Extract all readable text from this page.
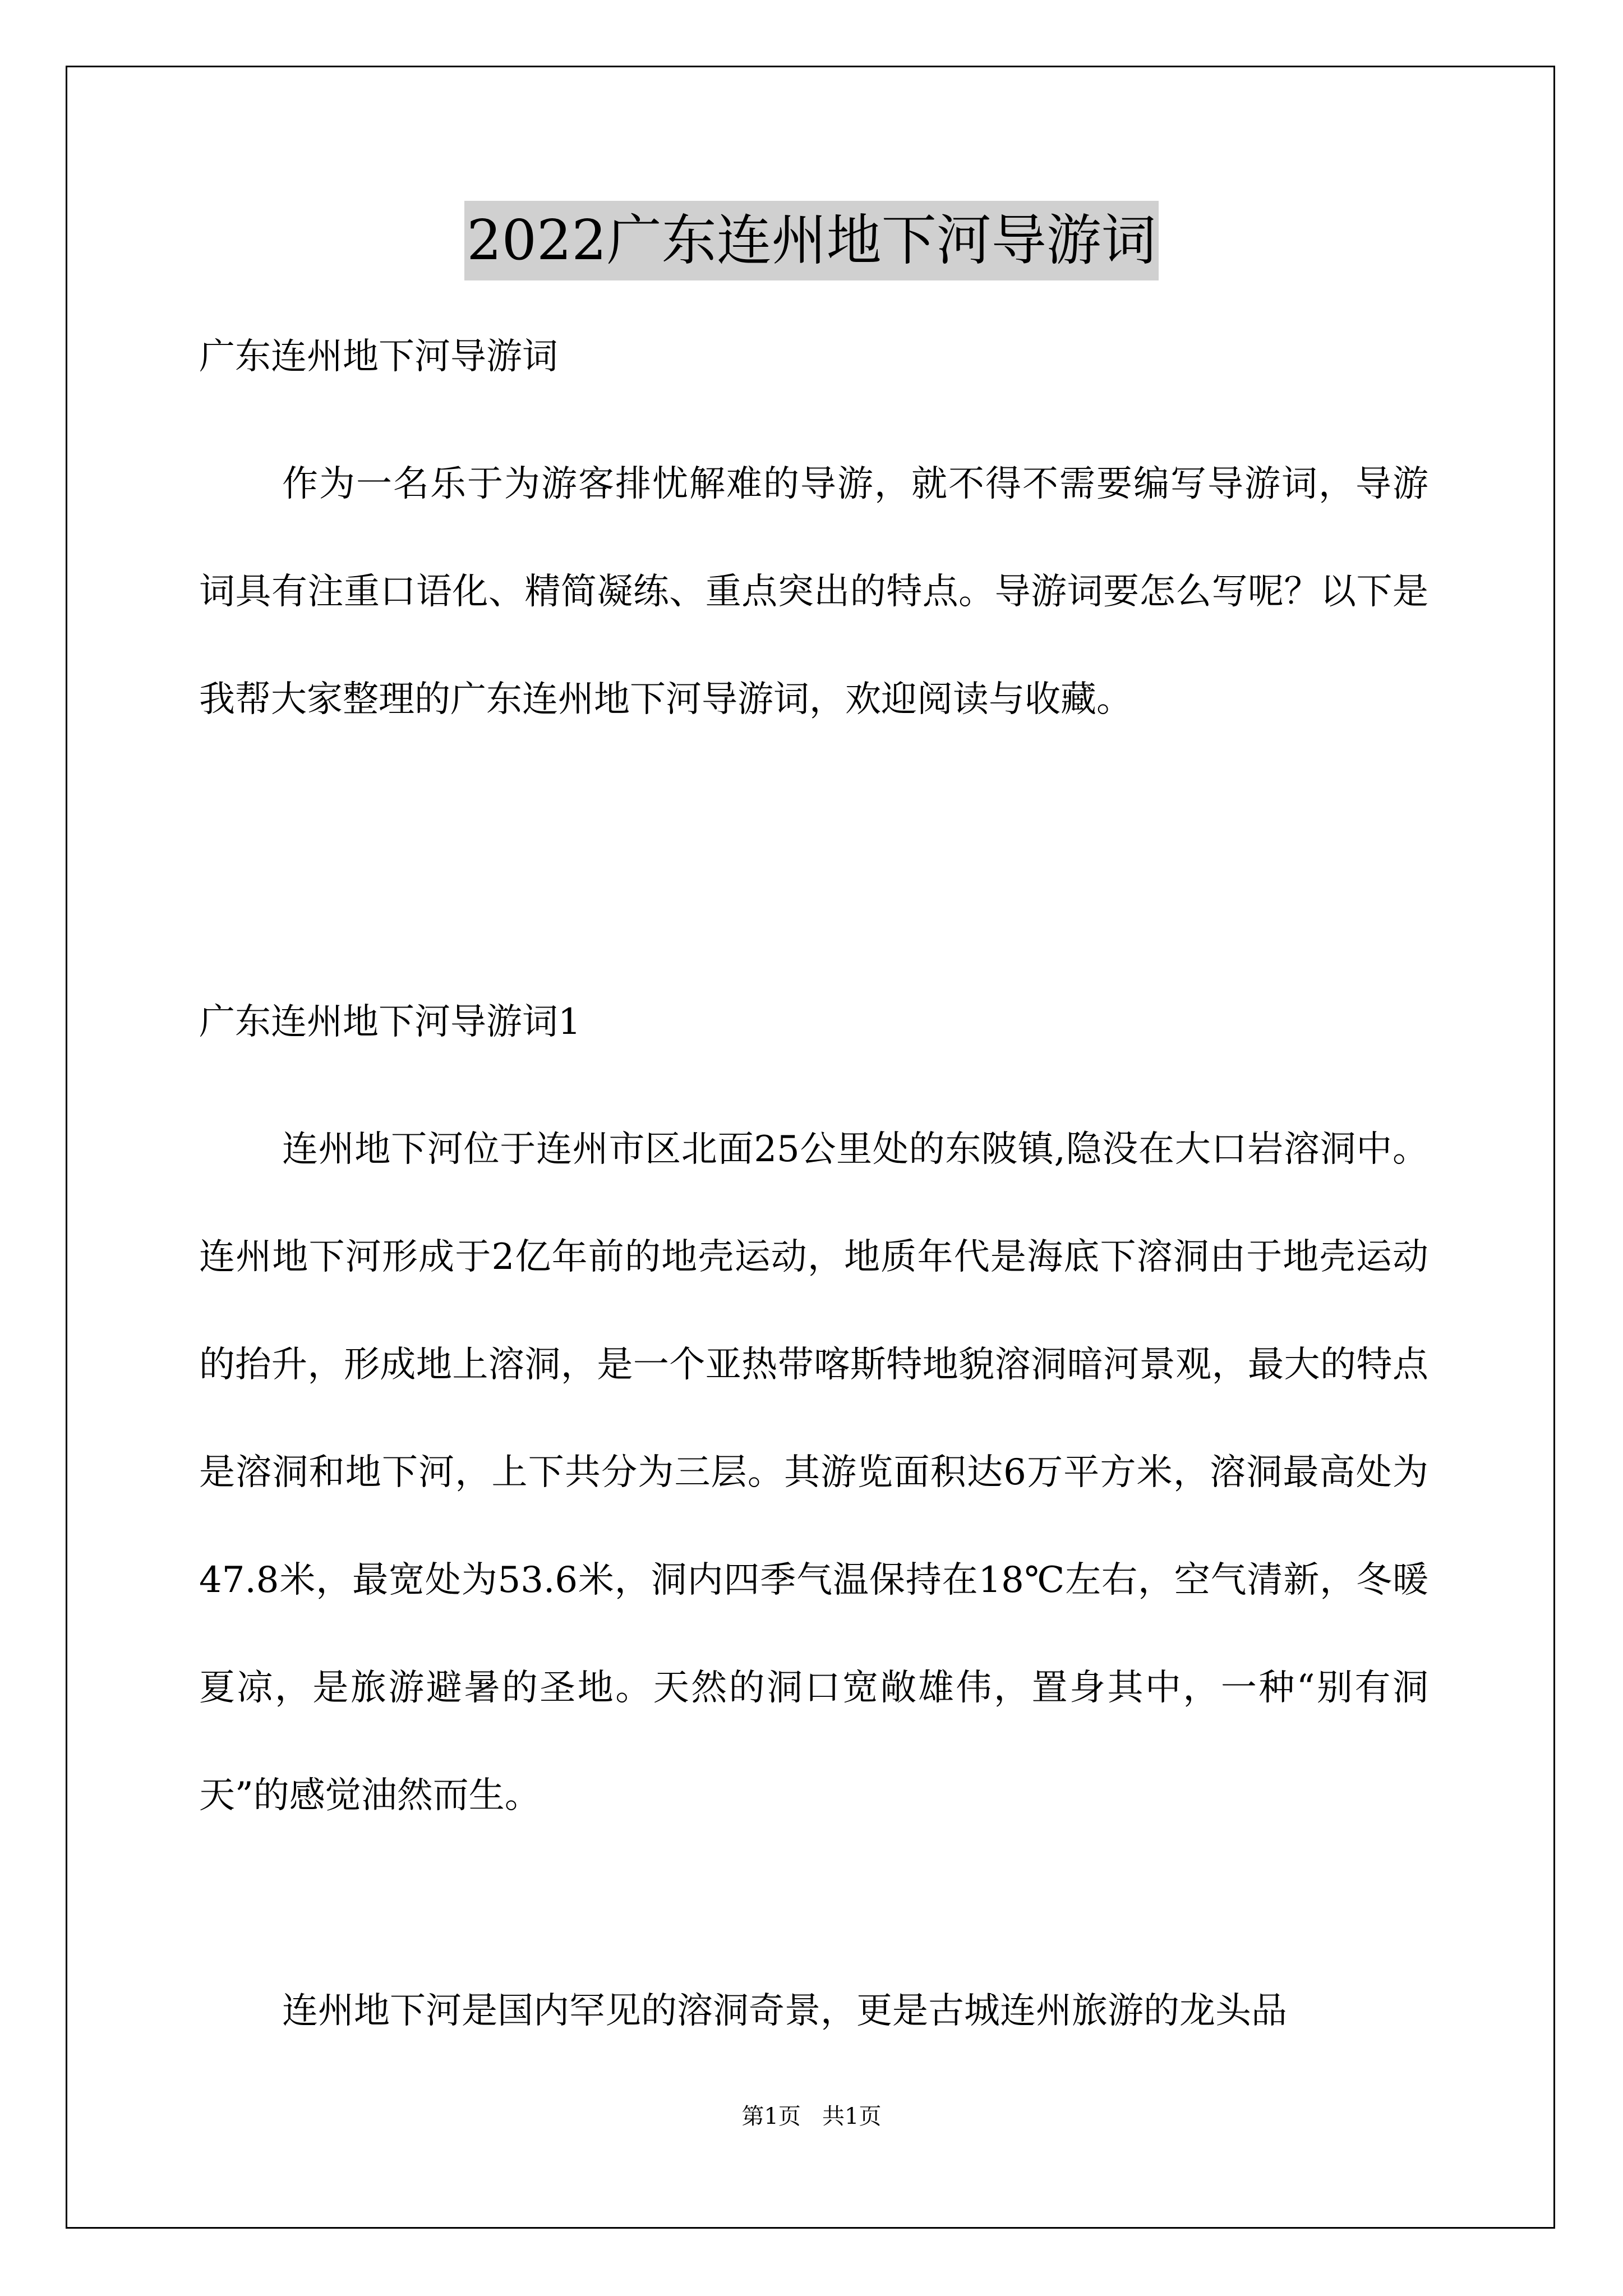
2022广东连州地下河导游词
广东连州地下河导游词

作为一名乐于为游客排忧解难的导游，就不得不需要编写导游词，导游词具有注重口语化、精简凝练、重点突出的特点。导游词要怎么写呢？以下是我帮大家整理的广东连州地下河导游词，欢迎阅读与收藏。

广东连州地下河导游词1

连州地下河位于连州市区北面25公里处的东陂镇,隐没在大口岩溶洞中。连州地下河形成于2亿年前的地壳运动，地质年代是海底下溶洞由于地壳运动的抬升，形成地上溶洞，是一个亚热带喀斯特地貌溶洞暗河景观，最大的特点是溶洞和地下河，上下共分为三层。其游览面积达6万平方米，溶洞最高处为47.8米，最宽处为53.6米，洞内四季气温保持在18℃左右，空气清新，冬暖夏凉，是旅游避暑的圣地。天然的洞口宽敞雄伟，置身其中，一种“别有洞天”的感觉油然而生。

连州地下河是国内罕见的溶洞奇景，更是古城连州旅游的龙头品

第1页   共1页
